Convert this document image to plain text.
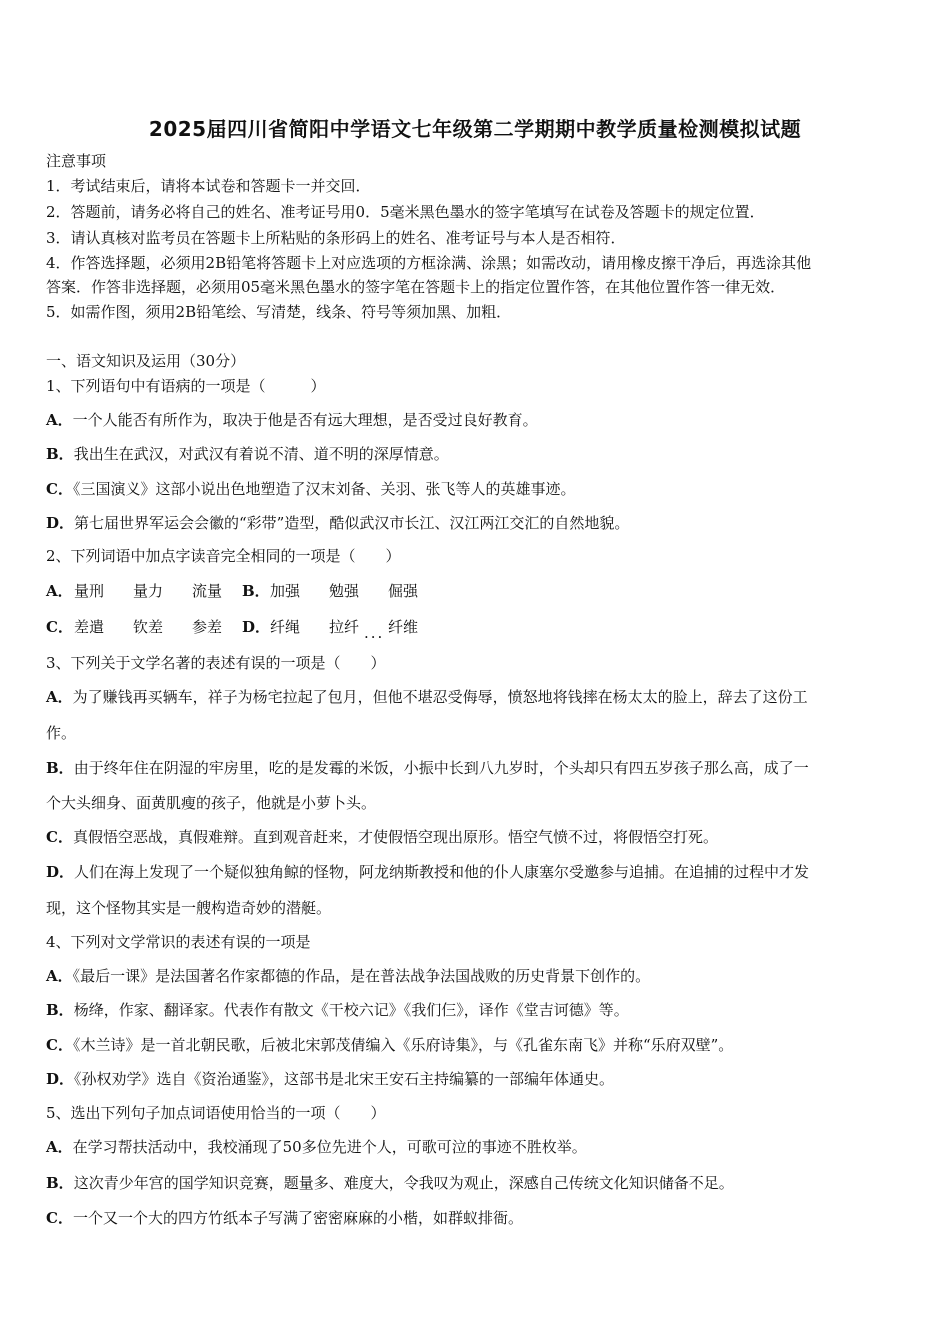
2025届四川省简阳中学语文七年级第二学期期中教学质量检测模拟试题
注意事项
1．考试结束后，请将本试卷和答题卡一并交回．
2．答题前，请务必将自己的姓名、准考证号用0．5毫米黑色墨水的签字笔填写在试卷及答题卡的规定位置．
3．请认真核对监考员在答题卡上所粘贴的条形码上的姓名、准考证号与本人是否相符．
4．作答选择题，必须用2B铅笔将答题卡上对应选项的方框涂满、涂黑；如需改动，请用橡皮擦干净后，再选涂其他
答案．作答非选择题，必须用05毫米黑色墨水的签字笔在答题卡上的指定位置作答，在其他位置作答一律无效．
5．如需作图，须用2B铅笔绘、写清楚，线条、符号等须加黑、加粗．
一、语文知识及运用（30分）
1、下列语句中有语病的一项是（　　　）
A．一个人能否有所作为，取决于他是否有远大理想，是否受过良好教育。
B．我出生在武汉，对武汉有着说不清、道不明的深厚情意。
C．《三国演义》这部小说出色地塑造了汉末刘备、关羽、张飞等人的英雄事迹。
D．第七届世界军运会会徽的“彩带”造型，酷似武汉市长江、汉江两江交汇的自然地貌。
2、下列词语中加点字读音完全相同的一项是（　　）
A． 量刑 量力 流量 B． 加强 勉强 倔强
C． 差遣 钦差 参差 D． 纤绳 拉纤 纤维
...
3、下列关于文学名著的表述有误的一项是（　　）
A．为了赚钱再买辆车，祥子为杨宅拉起了包月，但他不堪忍受侮辱，愤怒地将钱摔在杨太太的脸上，辞去了这份工
作。
B．由于终年住在阴湿的牢房里，吃的是发霉的米饭，小振中长到八九岁时，个头却只有四五岁孩子那么高，成了一
个大头细身、面黄肌瘦的孩子，他就是小萝卜头。
C．真假悟空恶战，真假难辩。直到观音赶来，才使假悟空现出原形。悟空气愤不过，将假悟空打死。
D．人们在海上发现了一个疑似独角鲸的怪物，阿龙纳斯教授和他的仆人康塞尔受邀参与追捕。在追捕的过程中才发
现，这个怪物其实是一艘构造奇妙的潜艇。
4、下列对文学常识的表述有误的一项是
A．《最后一课》是法国著名作家都德的作品，是在普法战争法国战败的历史背景下创作的。
B．杨绛，作家、翻译家。代表作有散文《干校六记》《我们仨》，译作《堂吉诃德》等。
C．《木兰诗》是一首北朝民歌，后被北宋郭茂倩编入《乐府诗集》，与《孔雀东南飞》并称“乐府双壁”。
D．《孙权劝学》选自《资治通鉴》，这部书是北宋王安石主持编纂的一部编年体通史。
5、选出下列句子加点词语使用恰当的一项（　　）
A．在学习帮扶活动中，我校涌现了50多位先进个人，可歌可泣的事迹不胜枚举。
B．这次青少年宫的国学知识竞赛，题量多、难度大，令我叹为观止，深感自己传统文化知识储备不足。
C．一个又一个大的四方竹纸本子写满了密密麻麻的小楷，如群蚁排衙。
